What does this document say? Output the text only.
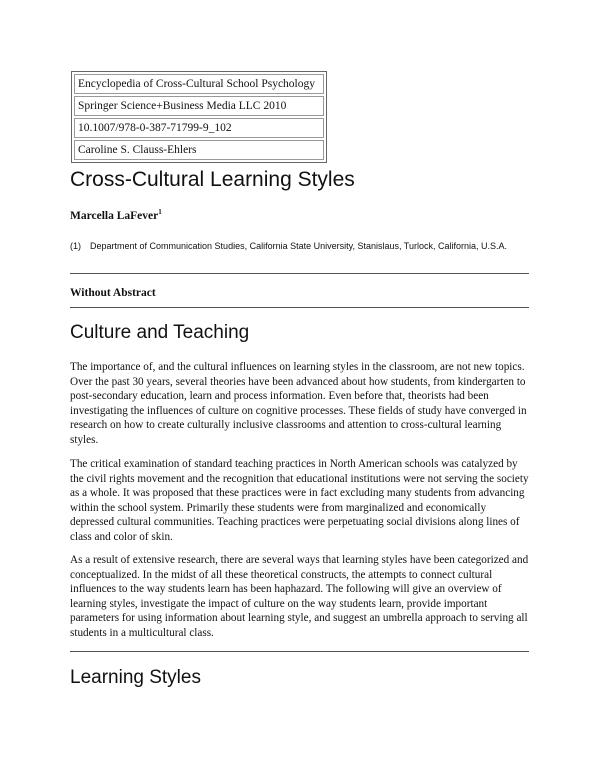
Encyclopedia of Cross-Cultural School Psychology
Springer Science+Business Media LLC 2010
10.1007/978-0-387-71799-9_102
Caroline S. Clauss-Ehlers
Cross-Cultural Learning Styles
Marcella LaFever$^1$
(1)	Department of Communication Studies, California State University, Stanislaus, Turlock, California, U.S.A.
Without Abstract
Culture and Teaching

The importance of, and the cultural influences on learning styles in the classroom, are not new topics. Over the past 30 years, several theories have been advanced about how students, from kindergarten to post-secondary education, learn and process information. Even before that, theorists had been investigating the influences of culture on cognitive processes. These fields of study have converged in research on how to create culturally inclusive classrooms and attention to cross-cultural learning styles.

The critical examination of standard teaching practices in North American schools was catalyzed by the civil rights movement and the recognition that educational institutions were not serving the society as a whole. It was proposed that these practices were in fact excluding many students from advancing within the school system. Primarily these students were from marginalized and economically depressed cultural communities. Teaching practices were perpetuating social divisions along lines of class and color of skin.

As a result of extensive research, there are several ways that learning styles have been categorized and conceptualized. In the midst of all these theoretical constructs, the attempts to connect cultural influences to the way students learn has been haphazard. The following will give an overview of learning styles, investigate the impact of culture on the way students learn, provide important parameters for using information about learning style, and suggest an umbrella approach to serving all students in a multicultural class.

Learning Styles
